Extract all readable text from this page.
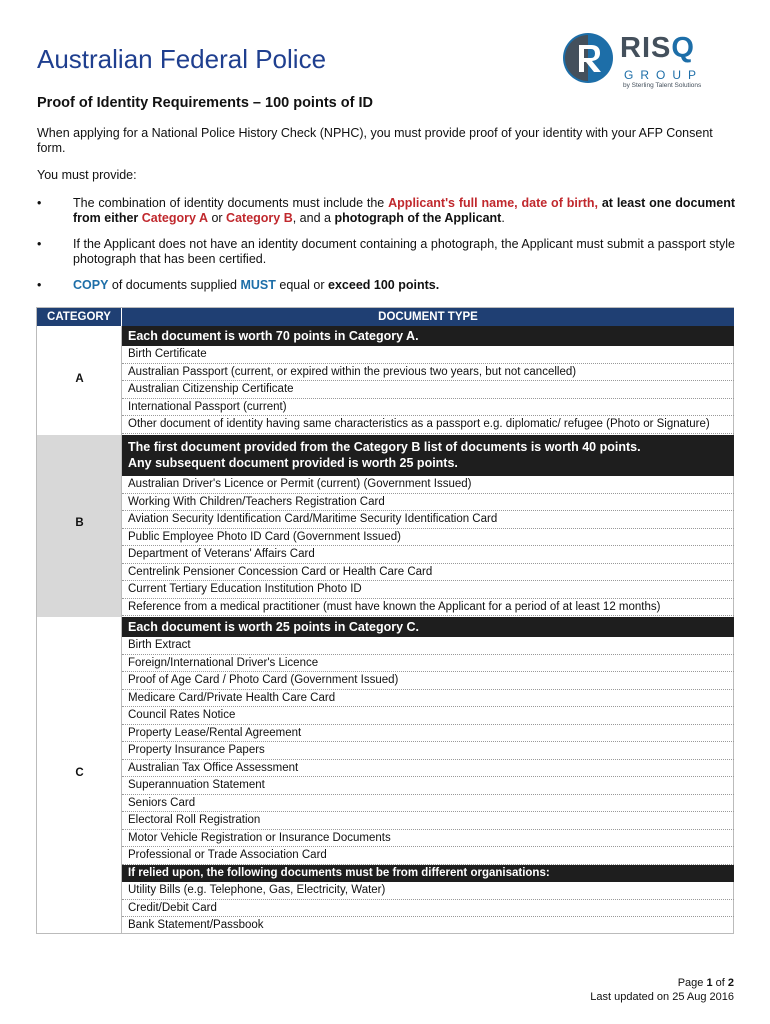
Australian Federal Police	RISQ
GROUP
by Sterling Talent Solutions
Proof of Identity Requirements – 100 points of ID
When applying for a National Police History Check (NPHC), you must provide proof of your identity with your AFP Consent form.
You must provide:
•	The combination of identity documents must include the Applicant's full name, date of birth, at least one document from either Category A or Category B, and a photograph of the Applicant.
•	If the Applicant does not have an identity document containing a photograph, the Applicant must submit a passport style photograph that has been certified.
•	COPY of documents supplied MUST equal or exceed 100 points.
CATEGORY	DOCUMENT TYPE
A
Each document is worth 70 points in Category A.
Birth Certificate
Australian Passport (current, or expired within the previous two years, but not cancelled)
Australian Citizenship Certificate
International Passport (current)
Other document of identity having same characteristics as a passport e.g. diplomatic/ refugee (Photo or Signature)
B
The first document provided from the Category B list of documents is worth 40 points.
Any subsequent document provided is worth 25 points.
Australian Driver's Licence or Permit (current) (Government Issued)
Working With Children/Teachers Registration Card
Aviation Security Identification Card/Maritime Security Identification Card
Public Employee Photo ID Card (Government Issued)
Department of Veterans' Affairs Card
Centrelink Pensioner Concession Card or Health Care Card
Current Tertiary Education Institution Photo ID
Reference from a medical practitioner (must have known the Applicant for a period of at least 12 months)
C
Each document is worth 25 points in Category C.
Birth Extract
Foreign/International Driver's Licence
Proof of Age Card / Photo Card (Government Issued)
Medicare Card/Private Health Care Card
Council Rates Notice
Property Lease/Rental Agreement
Property Insurance Papers
Australian Tax Office Assessment
Superannuation Statement
Seniors Card
Electoral Roll Registration
Motor Vehicle Registration or Insurance Documents
Professional or Trade Association Card
If relied upon, the following documents must be from different organisations:
Utility Bills (e.g. Telephone, Gas, Electricity, Water)
Credit/Debit Card
Bank Statement/Passbook
Page 1 of 2
Last updated on 25 Aug 2016
